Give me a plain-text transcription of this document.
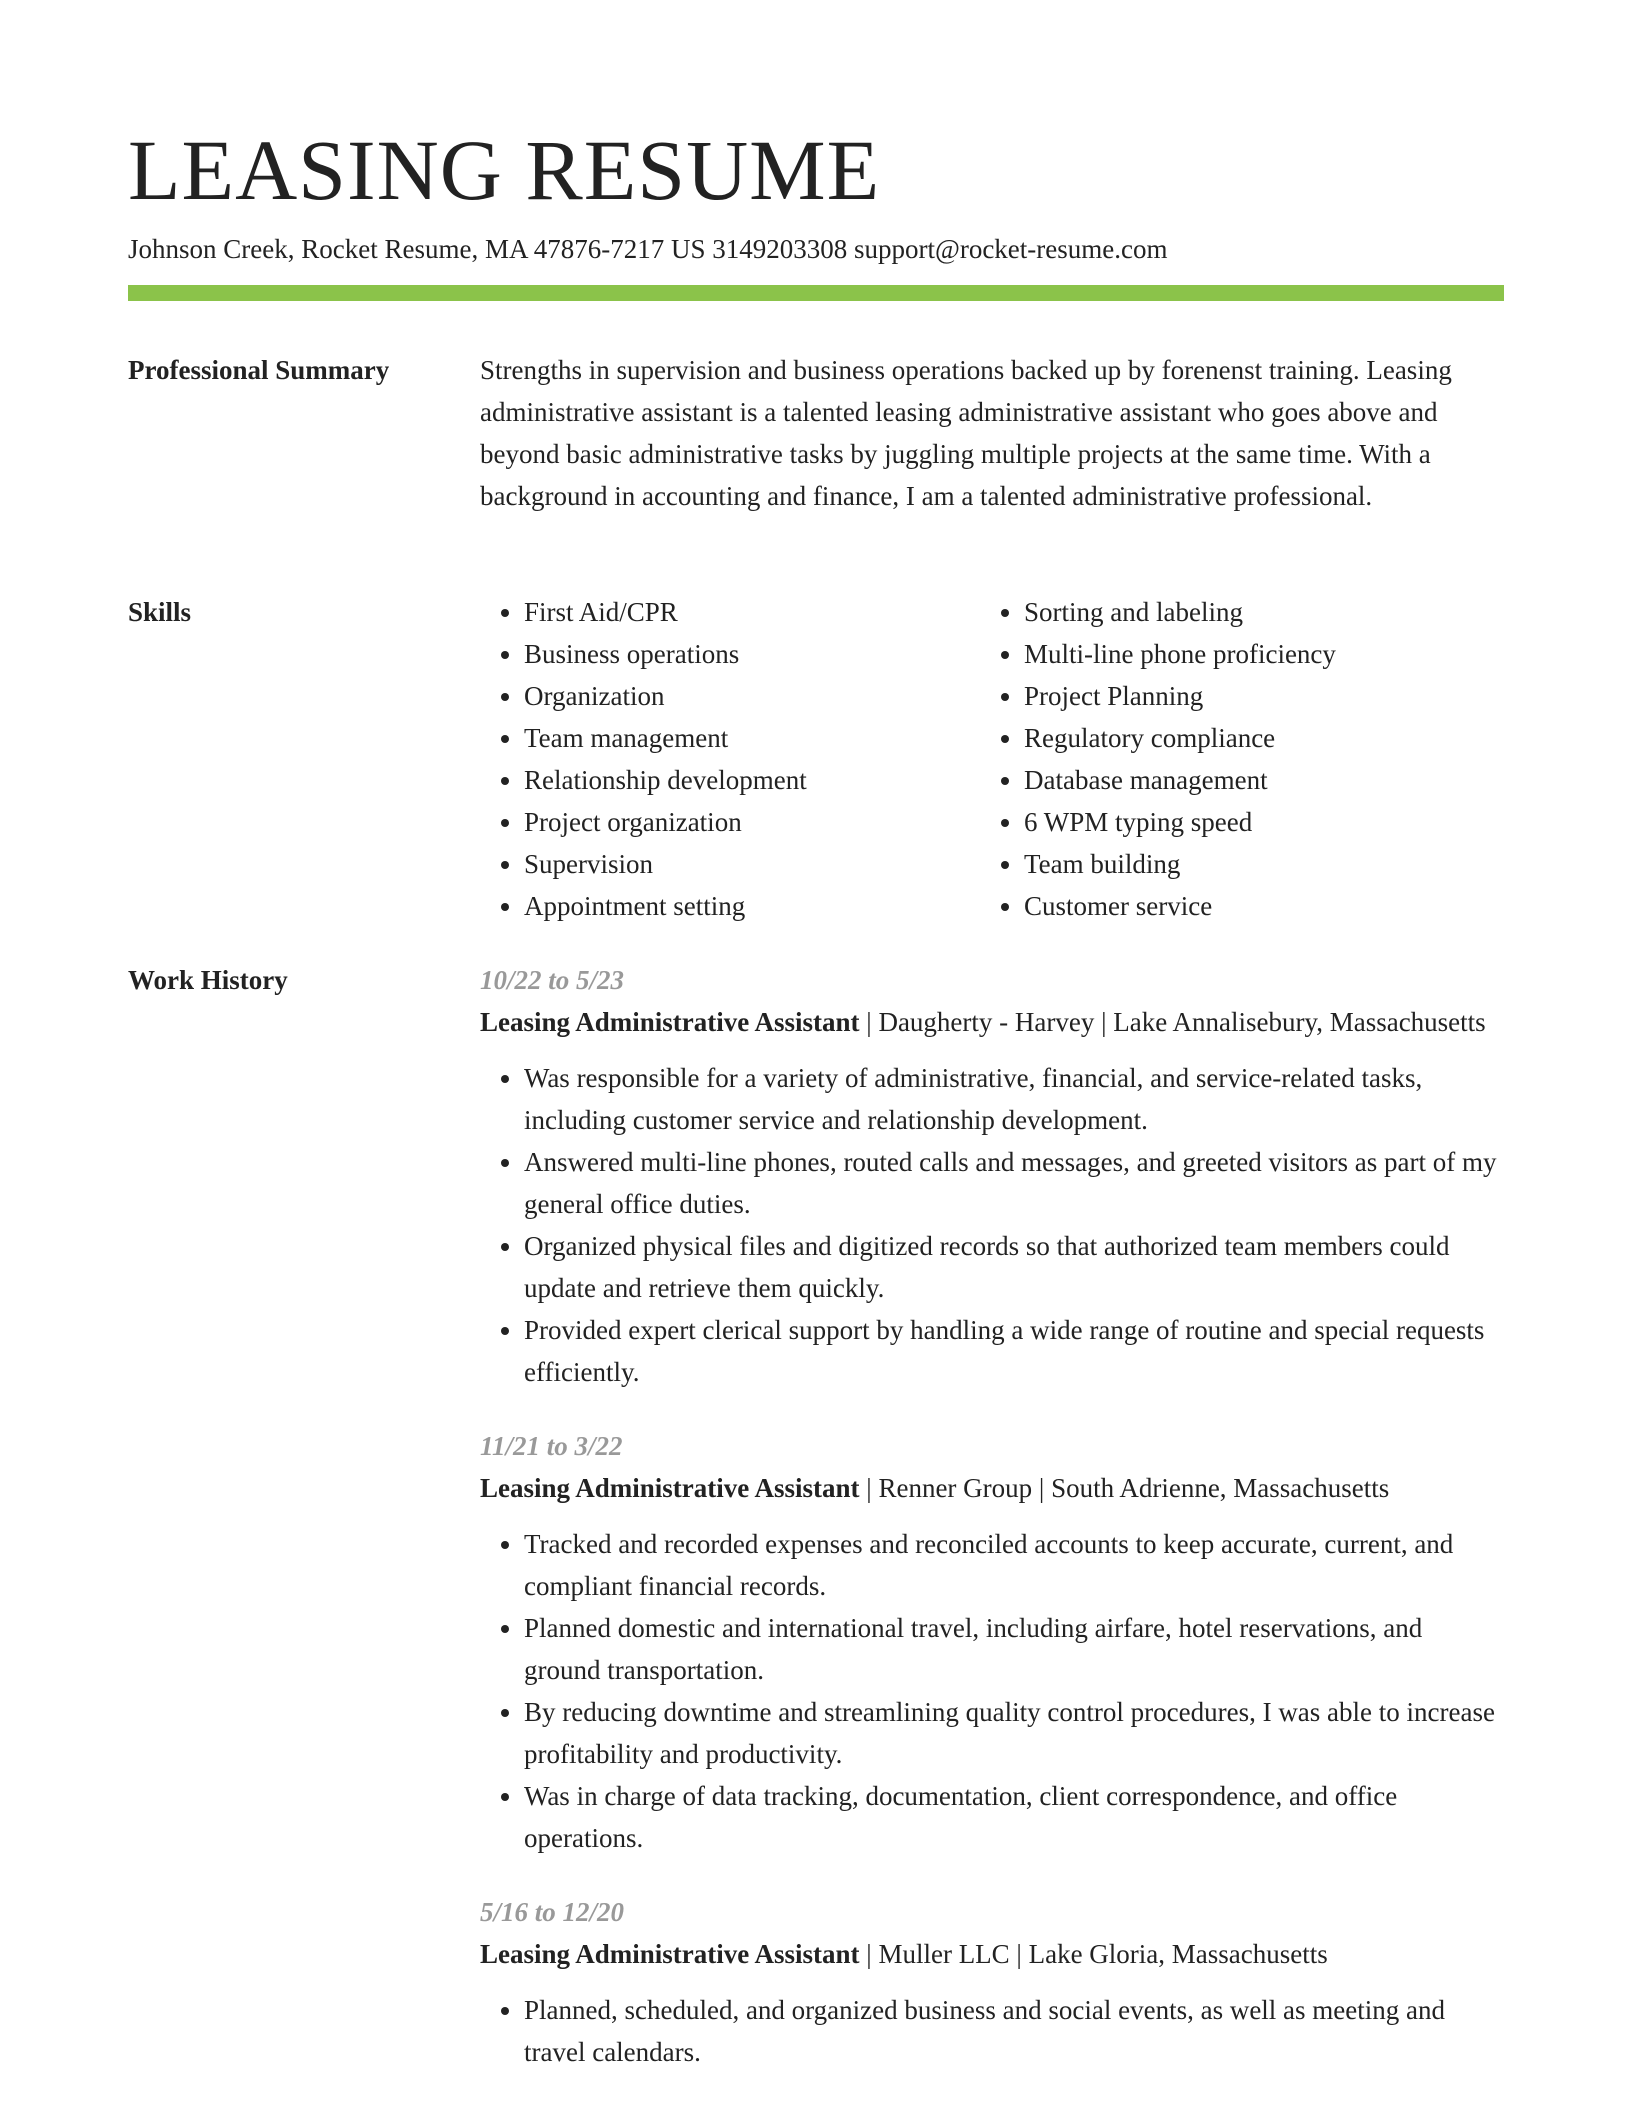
LEASING RESUME
Johnson Creek, Rocket Resume, MA 47876-7217 US 3149203308 support@rocket-resume.com
Professional Summary	Strengths in supervision and business operations backed up by forenenst training. Leasing administrative assistant is a talented leasing administrative assistant who goes above and beyond basic administrative tasks by juggling multiple projects at the same time. With a background in accounting and finance, I am a talented administrative professional.

Skills
•	First Aid/CPR
• Business operations
• Organization
• Team management
• Relationship development
• Project organization
• Supervision
• Appointment setting
• Sorting and labeling
• Multi-line phone proficiency
• Project Planning
• Regulatory compliance
• Database management
• 6 WPM typing speed
• Team building
• Customer service
Work History	10/22 to 5/23
Leasing Administrative Assistant | Daugherty - Harvey | Lake Annalisebury, Massachusetts
• Was responsible for a variety of administrative, financial, and service-related tasks, including customer service and relationship development.
• Answered multi-line phones, routed calls and messages, and greeted visitors as part of my general office duties.
• Organized physical files and digitized records so that authorized team members could update and retrieve them quickly.
• Provided expert clerical support by handling a wide range of routine and special requests efficiently.
11/21 to 3/22
Leasing Administrative Assistant | Renner Group | South Adrienne, Massachusetts
• Tracked and recorded expenses and reconciled accounts to keep accurate, current, and compliant financial records.
• Planned domestic and international travel, including airfare, hotel reservations, and ground transportation.
• By reducing downtime and streamlining quality control procedures, I was able to increase profitability and productivity.
• Was in charge of data tracking, documentation, client correspondence, and office operations.
5/16 to 12/20
Leasing Administrative Assistant | Muller LLC | Lake Gloria, Massachusetts
• Planned, scheduled, and organized business and social events, as well as meeting and travel calendars.
